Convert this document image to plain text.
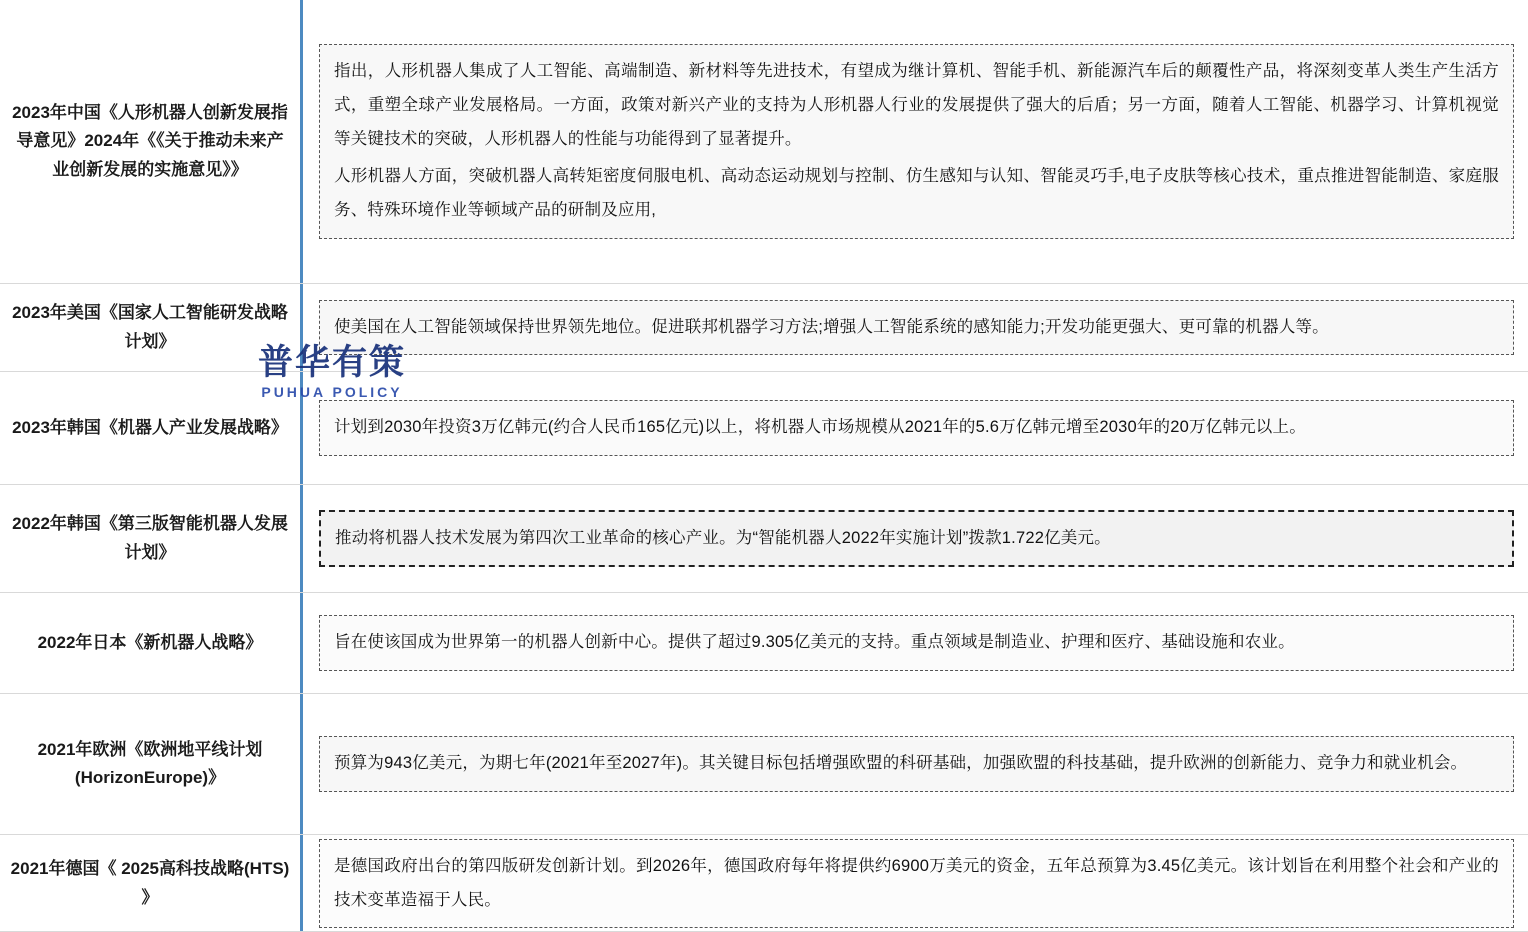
2023年中国《人形机器人创新发展指导意见》2024年《《关于推动未来产业创新发展的实施意见》》

指出，人形机器人集成了人工智能、高端制造、新材料等先进技术，有望成为继计算机、智能手机、新能源汽车后的颠覆性产品，将深刻变革人类生产生活方式，重塑全球产业发展格局。一方面，政策对新兴产业的支持为人形机器人行业的发展提供了强大的后盾；另一方面，随着人工智能、机器学习、计算机视觉等关键技术的突破，人形机器人的性能与功能得到了显著提升。

人形机器人方面，突破机器人高转矩密度伺服电机、高动态运动规划与控制、仿生感知与认知、智能灵巧手,电子皮肤等核心技术，重点推进智能制造、家庭服务、特殊环境作业等顿域产品的研制及应用,

2023年美国《国家人工智能研发战略计划》

使美国在人工智能领域保持世界领先地位。促进联邦机器学习方法;增强人工智能系统的感知能力;开发功能更强大、更可靠的机器人等。

2023年韩国《机器人产业发展战略》	计划到2030年投资3万亿韩元(约合人民币165亿元)以上，将机器人市场规模从2021年的5.6万亿韩元增至2030年的20万亿韩元以上。

2022年韩国《第三版智能机器人发展计划》

推动将机器人技术发展为第四次工业革命的核心产业。为“智能机器人2022年实施计划”拨款1.722亿美元。

2022年日本《新机器人战略》	旨在使该国成为世界第一的机器人创新中心。提供了超过9.305亿美元的支持。重点领域是制造业、护理和医疗、基础设施和农业。

2021年欧洲《欧洲地平线计划(HorizonEurope)》

预算为943亿美元，为期七年(2021年至2027年)。其关键目标包括增强欧盟的科研基础，加强欧盟的科技基础，提升欧洲的创新能力、竞争力和就业机会。

2021年德国《 2025高科技战略(HTS) 》

是德国政府出台的第四版研发创新计划。到2026年，德国政府每年将提供约6900万美元的资金，五年总预算为3.45亿美元。该计划旨在利用整个社会和产业的技术变革造福于人民。

普华有策
PUHUA POLICY
